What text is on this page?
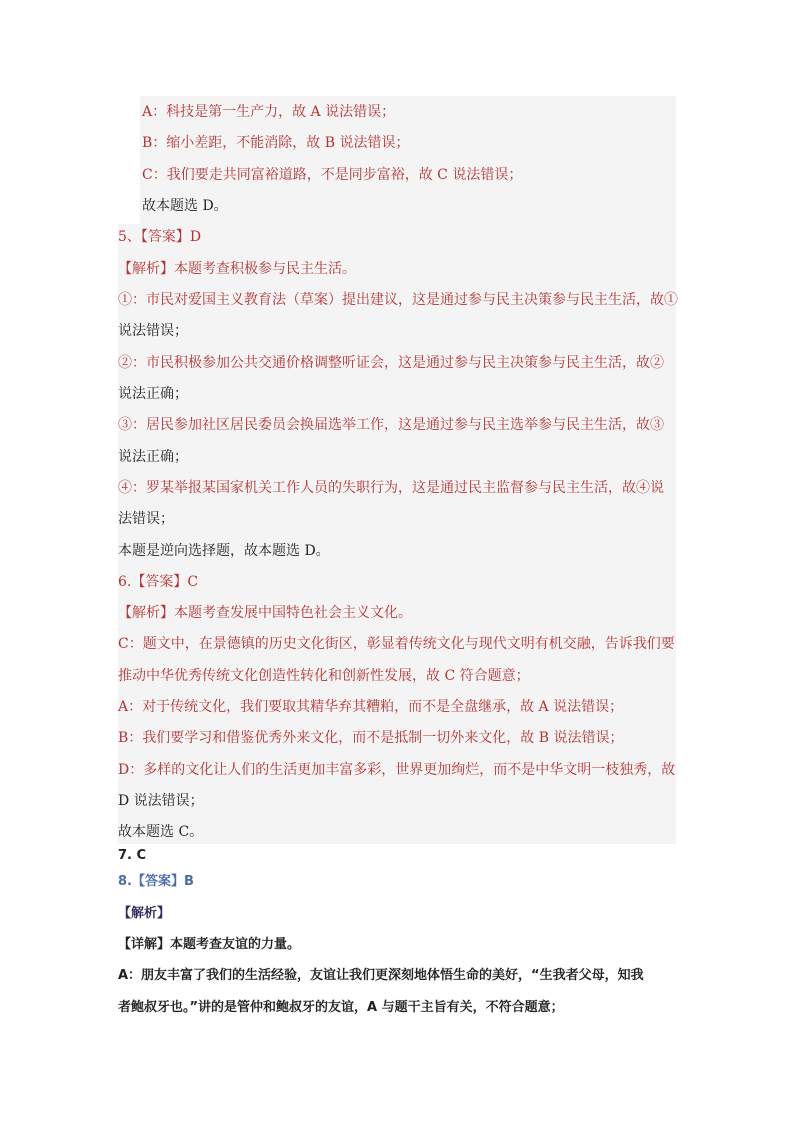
A：科技是第一生产力，故 A 说法错误；
B：缩小差距，不能消除，故 B 说法错误；
C：我们要走共同富裕道路，不是同步富裕，故 C 说法错误；
故本题选 D。
5、【答案】D
【解析】本题考查积极参与民主生活。
①：市民对爱国主义教育法（草案）提出建议，这是通过参与民主决策参与民主生活，故①
说法错误；
②：市民积极参加公共交通价格调整听证会，这是通过参与民主决策参与民主生活，故②
说法正确；
③：居民参加社区居民委员会换届选举工作，这是通过参与民主选举参与民主生活，故③
说法正确；
④：罗某举报某国家机关工作人员的失职行为，这是通过民主监督参与民主生活，故④说
法错误；
本题是逆向选择题，故本题选 D。
6.【答案】C
【解析】本题考查发展中国特色社会主义文化。
C：题文中，在景德镇的历史文化街区，彰显着传统文化与现代文明有机交融，告诉我们要
推动中华优秀传统文化创造性转化和创新性发展，故 C 符合题意；
A：对于传统文化，我们要取其精华弃其糟粕，而不是全盘继承，故 A 说法错误；
B：我们要学习和借鉴优秀外来文化，而不是抵制一切外来文化，故 B 说法错误；
D：多样的文化让人们的生活更加丰富多彩，世界更加绚烂，而不是中华文明一枝独秀，故
D 说法错误；
故本题选 C。
7. C
8.【答案】B
【解析】
【详解】本题考查友谊的力量。
A：朋友丰富了我们的生活经验，友谊让我们更深刻地体悟生命的美好，“生我者父母，知我
者鲍叔牙也。”讲的是管仲和鲍叔牙的友谊，A 与题干主旨有关，不符合题意；
